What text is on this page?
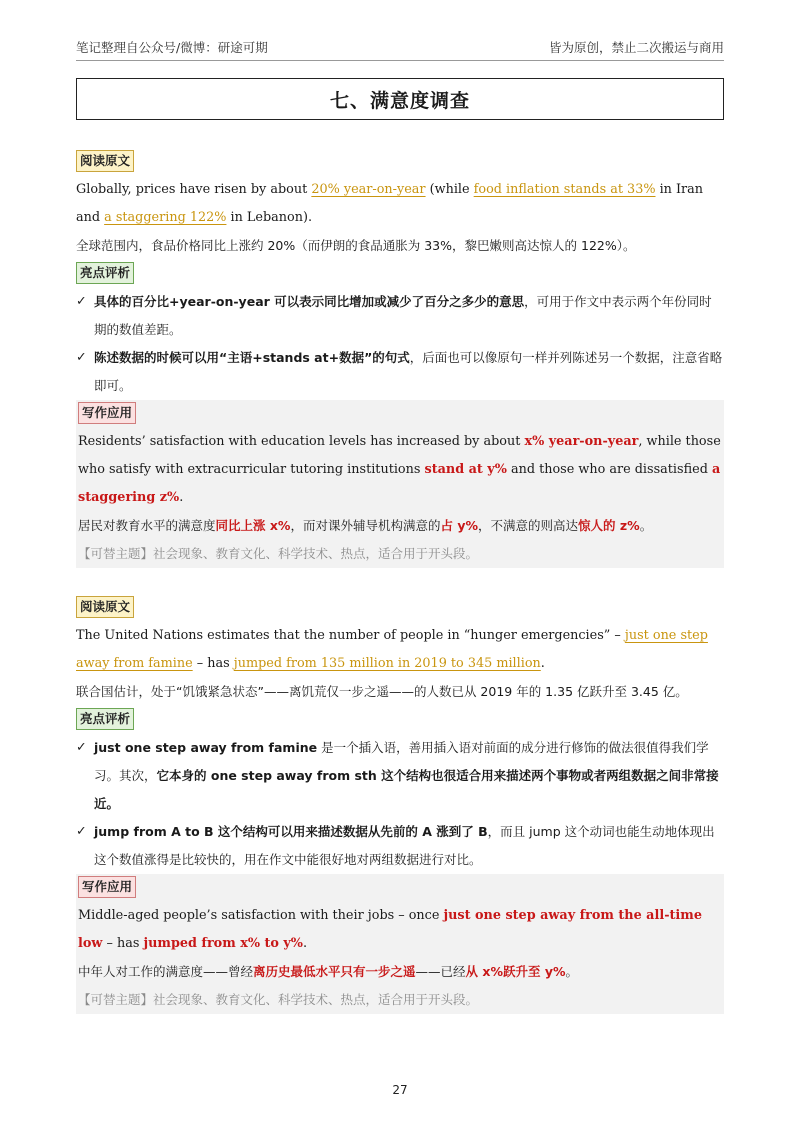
笔记整理自公众号/微博：研途可期	皆为原创，禁止二次搬运与商用
七、满意度调查
阅读原文

Globally, prices have risen by about 20% year-on-year (while food inflation stands at 33% in Iran and a staggering 122% in Lebanon).

全球范围内，食品价格同比上涨约 20%（而伊朗的食品通胀为 33%，黎巴嫩则高达惊人的 122%）。

亮点评析
✓ 具体的百分比+year-on-year 可以表示同比增加或减少了百分之多少的意思，可用于作文中表示两个年份同时期的数值差距。
✓ 陈述数据的时候可以用“主语+stands at+数据”的句式，后面也可以像原句一样并列陈述另一个数据，注意省略即可。
写作应用

Residents’ satisfaction with education levels has increased by about x% year-on-year, while those who satisfy with extracurricular tutoring institutions stand at y% and those who are dissatisfied a staggering z%.

居民对教育水平的满意度同比上涨 x%，而对课外辅导机构满意的占 y%，不满意的则高达惊人的 z%。

【可替主题】社会现象、教育文化、科学技术、热点，适合用于开头段。

阅读原文

The United Nations estimates that the number of people in “hunger emergencies” – just one step away from famine – has jumped from 135 million in 2019 to 345 million.

联合国估计，处于“饥饿紧急状态”——离饥荒仅一步之遥——的人数已从 2019 年的 1.35 亿跃升至 3.45 亿。

亮点评析
✓ just one step away from famine 是一个插入语，善用插入语对前面的成分进行修饰的做法很值得我们学习。其次，它本身的 one step away from sth 这个结构也很适合用来描述两个事物或者两组数据之间非常接近。
✓ jump from A to B 这个结构可以用来描述数据从先前的 A 涨到了 B，而且 jump 这个动词也能生动地体现出这个数值涨得是比较快的，用在作文中能很好地对两组数据进行对比。
写作应用

Middle-aged people’s satisfaction with their jobs – once just one step away from the all-time low – has jumped from x% to y%.

中年人对工作的满意度——曾经离历史最低水平只有一步之遥——已经从 x%跃升至 y%。

【可替主题】社会现象、教育文化、科学技术、热点，适合用于开头段。

27
